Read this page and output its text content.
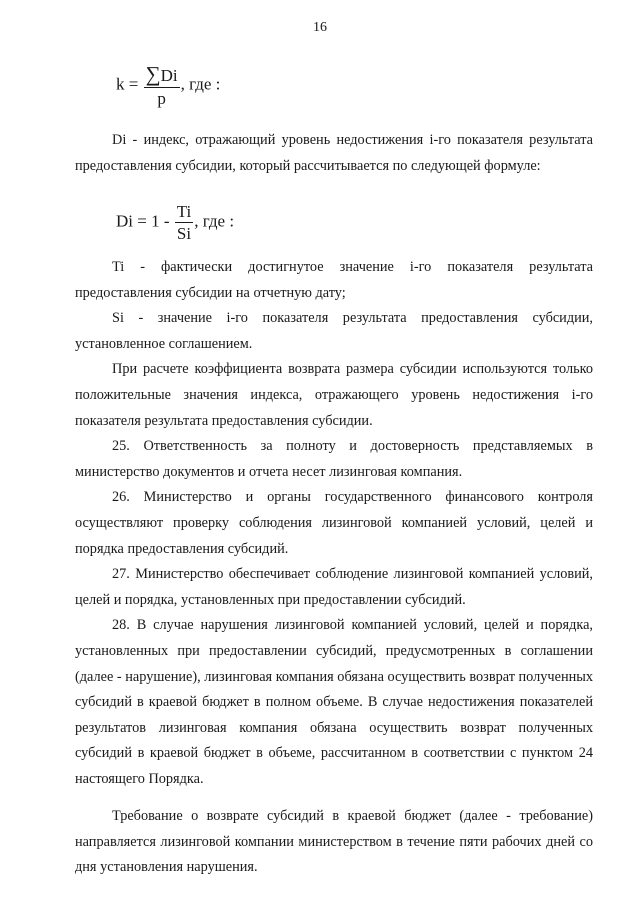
16
$k = \frac{\sum Di}{p}$ , где :

Di - индекс, отражающий уровень недостижения i-го показателя результата предоставления субсидии, который рассчитывается по следующей формуле:

$Di = 1 - \frac{Ti}{Si}$ , где :

Ti - фактически достигнутое значение i-го показателя результата предоставления субсидии на отчетную дату;

Si - значение i-го показателя результата предоставления субсидии, установленное соглашением.

При расчете коэффициента возврата размера субсидии используются только положительные значения индекса, отражающего уровень недостижения i-го показателя результата предоставления субсидии.

25. Ответственность за полноту и достоверность представляемых в министерство документов и отчета несет лизинговая компания.

26. Министерство и органы государственного финансового контроля осуществляют проверку соблюдения лизинговой компанией условий, целей и порядка предоставления субсидий.

27. Министерство обеспечивает соблюдение лизинговой компанией условий, целей и порядка, установленных при предоставлении субсидий.

28. В случае нарушения лизинговой компанией условий, целей и порядка, установленных при предоставлении субсидий, предусмотренных в соглашении (далее - нарушение), лизинговая компания обязана осуществить возврат полученных субсидий в краевой бюджет в полном объеме. В случае недостижения показателей результатов лизинговая компания обязана осуществить возврат полученных субсидий в краевой бюджет в объеме, рассчитанном в соответствии с пунктом 24 настоящего Порядка.

Требование о возврате субсидий в краевой бюджет (далее - требование) направляется лизинговой компании министерством в течение пяти рабочих дней со дня установления нарушения.
